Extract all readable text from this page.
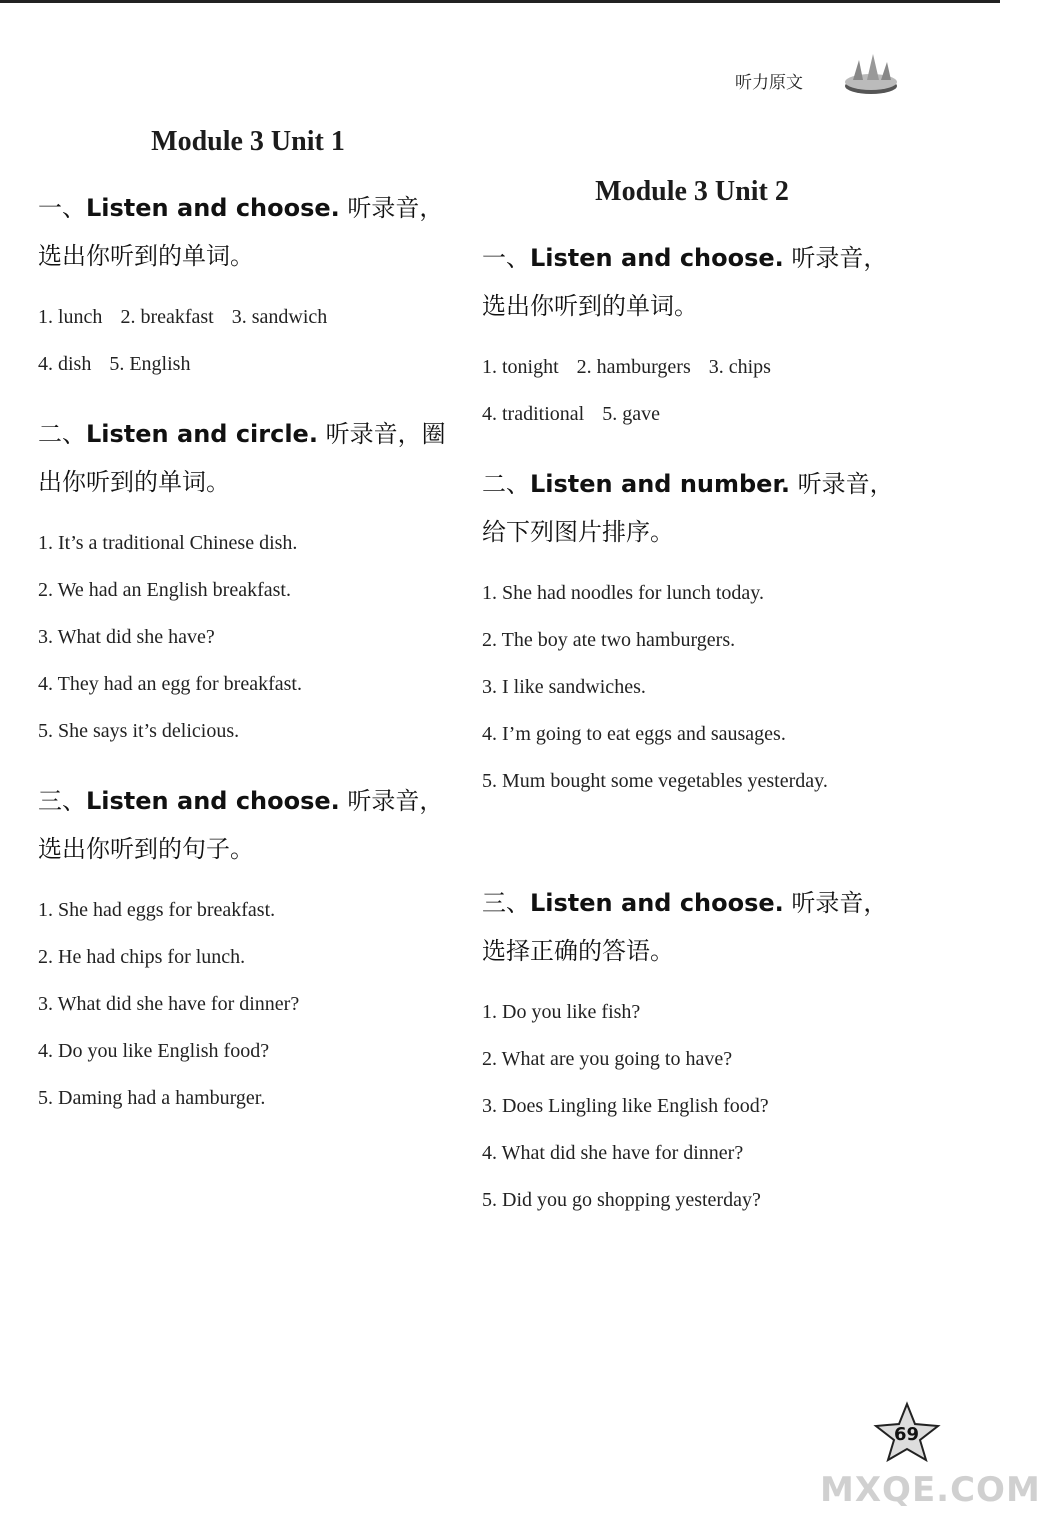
听力原文
Module 3 Unit 1

一、Listen and choose. 听录音，

选出你听到的单词。

1. lunch 2. breakfast 3. sandwich
4. dish 5. English

二、Listen and circle. 听录音，圈

出你听到的单词。

1. It’s a traditional Chinese dish.
2. We had an English breakfast.
3. What did she have?
4. They had an egg for breakfast.
5. She says it’s delicious.

三、Listen and choose. 听录音，

选出你听到的句子。

1. She had eggs for breakfast.
2. He had chips for lunch.
3. What did she have for dinner?
4. Do you like English food?
5. Daming had a hamburger.
Module 3 Unit 2

一、Listen and choose. 听录音，

选出你听到的单词。

1. tonight 2. hamburgers 3. chips
4. traditional 5. gave

二、Listen and number. 听录音，

给下列图片排序。

1. She had noodles for lunch today.
2. The boy ate two hamburgers.
3. I like sandwiches.
4. I’m going to eat eggs and sausages.
5. Mum bought some vegetables yesterday.

三、Listen and choose. 听录音，

选择正确的答语。

1. Do you like fish?
2. What are you going to have?
3. Does Lingling like English food?
4. What did she have for dinner?
5. Did you go shopping yesterday?
69
MXQE.COM
